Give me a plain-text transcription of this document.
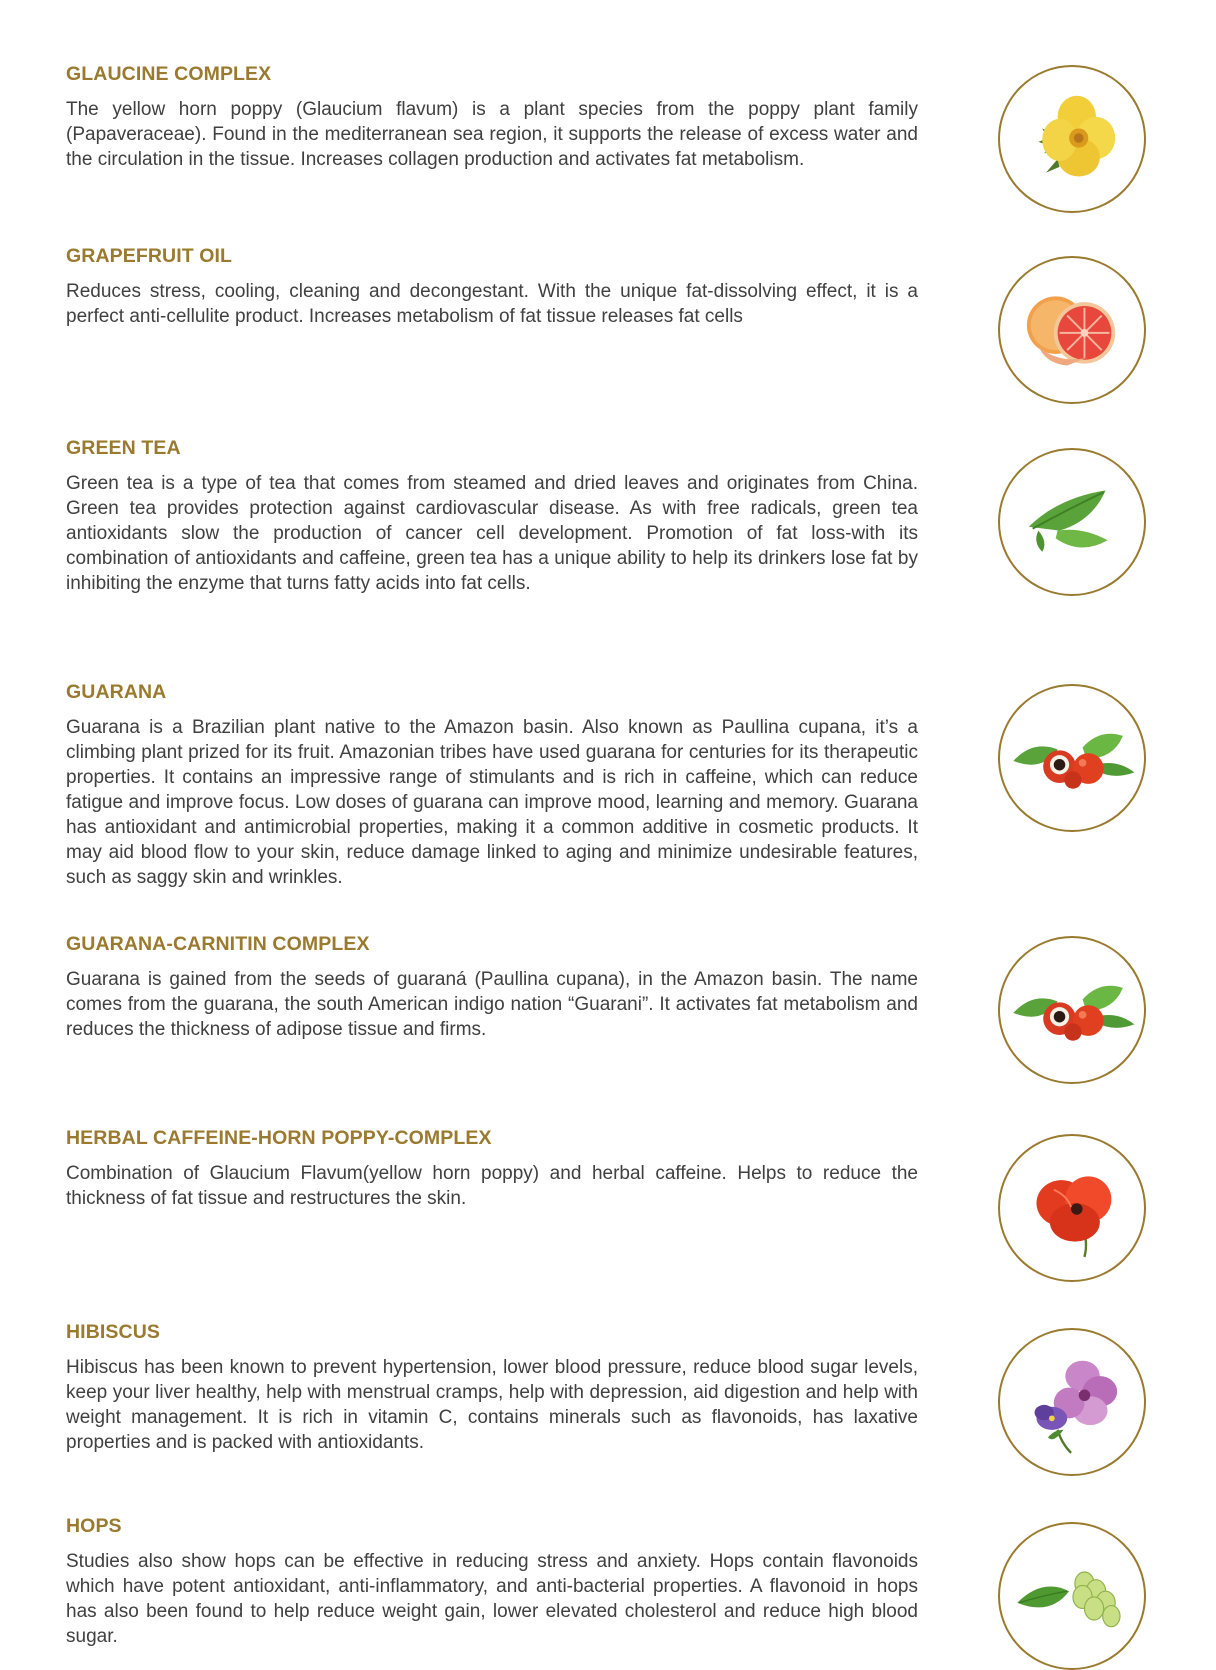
GLAUCINE COMPLEX

The yellow horn poppy (Glaucium flavum) is a plant species from the poppy plant family (Papaveraceae). Found in the mediterranean sea region, it supports the release of excess water and the circulation in the tissue. Increases collagen production and activates fat metabolism.

GRAPEFRUIT OIL

Reduces stress, cooling, cleaning and decongestant. With the unique fat-dissolving effect, it is a perfect anti-cellulite product. Increases metabolism of fat tissue releases fat cells

GREEN TEA

Green tea is a type of tea that comes from steamed and dried leaves and originates from China. Green tea provides protection against cardiovascular disease. As with free radicals, green tea antioxidants slow the production of cancer cell development. Promotion of fat loss-with its combination of antioxidants and caffeine, green tea has a unique ability to help its drinkers lose fat by inhibiting the enzyme that turns fatty acids into fat cells.

GUARANA

Guarana is a Brazilian plant native to the Amazon basin. Also known as Paullina cupana, it’s a climbing plant prized for its fruit. Amazonian tribes have used guarana for centuries for its therapeutic properties. It contains an impressive range of stimulants and is rich in caffeine, which can reduce fatigue and improve focus. Low doses of guarana can improve mood, learning and memory. Guarana has antioxidant and antimicrobial properties, making it a common additive in cosmetic products. It may aid blood flow to your skin, reduce damage linked to aging and minimize undesirable features, such as saggy skin and wrinkles.

GUARANA-CARNITIN COMPLEX

Guarana is gained from the seeds of guaraná (Paullina cupana), in the Amazon basin. The name comes from the guarana, the south American indigo nation “Guarani”. It activates fat metabolism and reduces the thickness of adipose tissue and firms.

HERBAL CAFFEINE-HORN POPPY-COMPLEX

Combination of Glaucium Flavum(yellow horn poppy) and herbal caffeine. Helps to reduce the thickness of fat tissue and restructures the skin.

HIBISCUS

Hibiscus has been known to prevent hypertension, lower blood pressure, reduce blood sugar levels, keep your liver healthy, help with menstrual cramps, help with depression, aid digestion and help with weight management. It is rich in vitamin C, contains minerals such as flavonoids, has laxative properties and is packed with antioxidants.

HOPS

Studies also show hops can be effective in reducing stress and anxiety. Hops contain flavonoids which have potent antioxidant, anti-inflammatory, and anti-bacterial properties. A flavonoid in hops has also been found to help reduce weight gain, lower elevated cholesterol and reduce high blood sugar.
